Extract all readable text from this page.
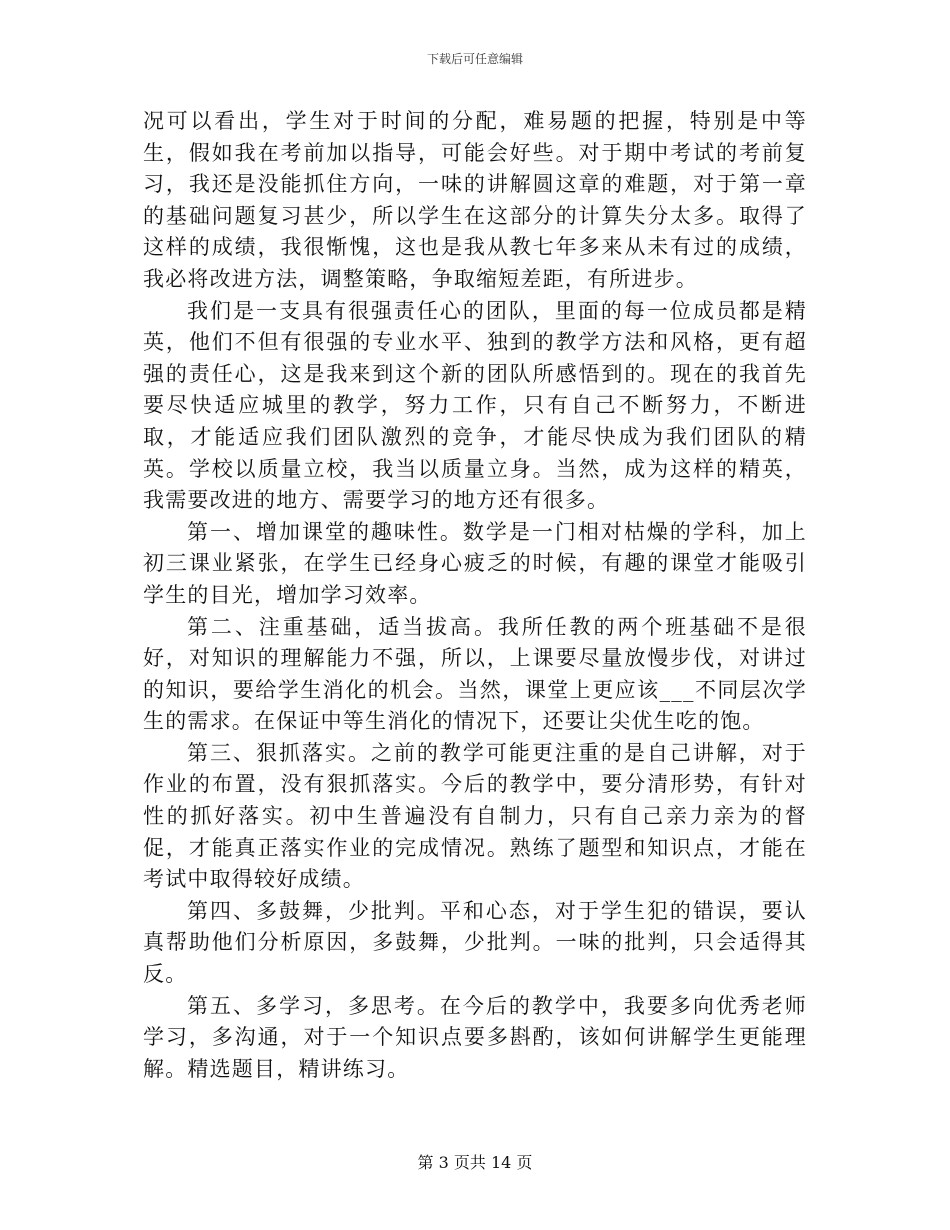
下载后可任意编辑

况可以看出，学生对于时间的分配，难易题的把握，特别是中等生，假如我在考前加以指导，可能会好些。对于期中考试的考前复习，我还是没能抓住方向，一味的讲解圆这章的难题，对于第一章的基础问题复习甚少，所以学生在这部分的计算失分太多。取得了这样的成绩，我很惭愧，这也是我从教七年多来从未有过的成绩，我必将改进方法，调整策略，争取缩短差距，有所进步。

我们是一支具有很强责任心的团队，里面的每一位成员都是精英，他们不但有很强的专业水平、独到的教学方法和风格，更有超强的责任心，这是我来到这个新的团队所感悟到的。现在的我首先要尽快适应城里的教学，努力工作，只有自己不断努力，不断进取，才能适应我们团队激烈的竞争，才能尽快成为我们团队的精英。学校以质量立校，我当以质量立身。当然，成为这样的精英，我需要改进的地方、需要学习的地方还有很多。

第一、增加课堂的趣味性。数学是一门相对枯燥的学科，加上初三课业紧张，在学生已经身心疲乏的时候，有趣的课堂才能吸引学生的目光，增加学习效率。

第二、注重基础，适当拔高。我所任教的两个班基础不是很好，对知识的理解能力不强，所以，上课要尽量放慢步伐，对讲过的知识，要给学生消化的机会。当然，课堂上更应该___不同层次学生的需求。在保证中等生消化的情况下，还要让尖优生吃的饱。

第三、狠抓落实。之前的教学可能更注重的是自己讲解，对于作业的布置，没有狠抓落实。今后的教学中，要分清形势，有针对性的抓好落实。初中生普遍没有自制力，只有自己亲力亲为的督促，才能真正落实作业的完成情况。熟练了题型和知识点，才能在考试中取得较好成绩。

第四、多鼓舞，少批判。平和心态，对于学生犯的错误，要认真帮助他们分析原因，多鼓舞，少批判。一味的批判，只会适得其反。

第五、多学习，多思考。在今后的教学中，我要多向优秀老师学习，多沟通，对于一个知识点要多斟酌，该如何讲解学生更能理解。精选题目，精讲练习。

第 3 页共 14 页
